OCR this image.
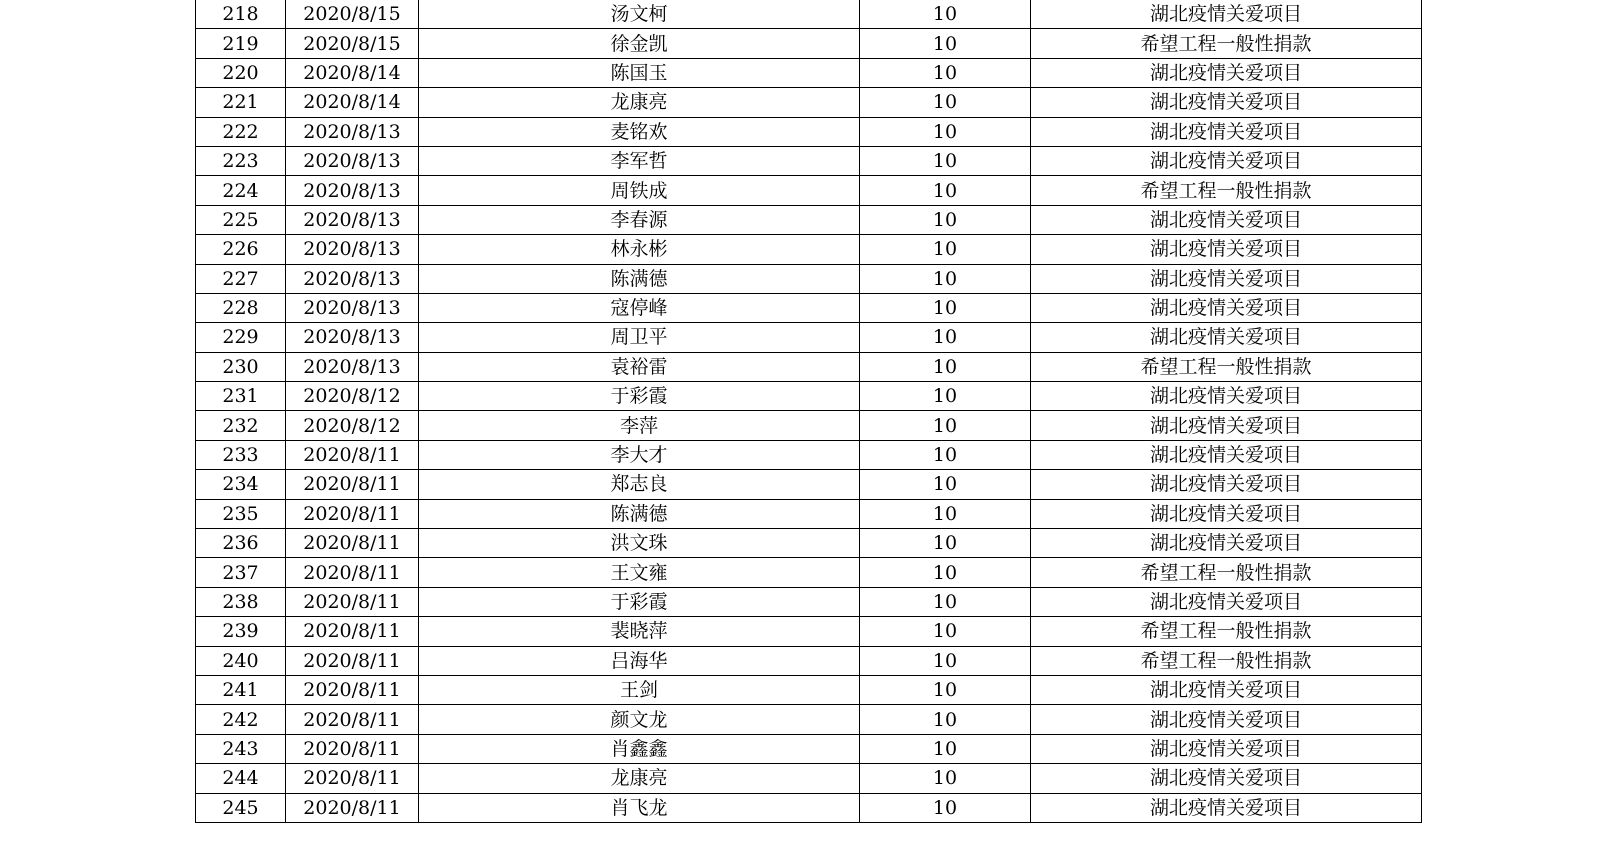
218	2020/8/15	汤文柯	10	湖北疫情关爱项目
219	2020/8/15	徐金凯	10	希望工程一般性捐款
220	2020/8/14	陈国玉	10	湖北疫情关爱项目
221	2020/8/14	龙康亮	10	湖北疫情关爱项目
222	2020/8/13	麦铭欢	10	湖北疫情关爱项目
223	2020/8/13	李军哲	10	湖北疫情关爱项目
224	2020/8/13	周铁成	10	希望工程一般性捐款
225	2020/8/13	李春源	10	湖北疫情关爱项目
226	2020/8/13	林永彬	10	湖北疫情关爱项目
227	2020/8/13	陈满德	10	湖北疫情关爱项目
228	2020/8/13	寇停峰	10	湖北疫情关爱项目
229	2020/8/13	周卫平	10	湖北疫情关爱项目
230	2020/8/13	袁裕雷	10	希望工程一般性捐款
231	2020/8/12	于彩霞	10	湖北疫情关爱项目
232	2020/8/12	李萍	10	湖北疫情关爱项目
233	2020/8/11	李大才	10	湖北疫情关爱项目
234	2020/8/11	郑志良	10	湖北疫情关爱项目
235	2020/8/11	陈满德	10	湖北疫情关爱项目
236	2020/8/11	洪文珠	10	湖北疫情关爱项目
237	2020/8/11	王文雍	10	希望工程一般性捐款
238	2020/8/11	于彩霞	10	湖北疫情关爱项目
239	2020/8/11	裴晓萍	10	希望工程一般性捐款
240	2020/8/11	吕海华	10	希望工程一般性捐款
241	2020/8/11	王剑	10	湖北疫情关爱项目
242	2020/8/11	颜文龙	10	湖北疫情关爱项目
243	2020/8/11	肖鑫鑫	10	湖北疫情关爱项目
244	2020/8/11	龙康亮	10	湖北疫情关爱项目
245	2020/8/11	肖飞龙	10	湖北疫情关爱项目
